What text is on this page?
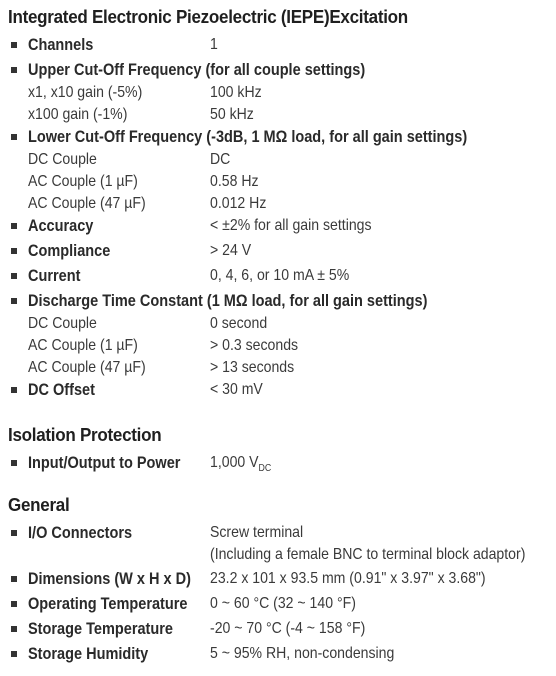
Integrated Electronic Piezoelectric (IEPE)Excitation
Channels	1
Upper Cut-Off Frequency (for all couple settings)
x1, x10 gain (-5%)	100 kHz
x100 gain (-1%)	50 kHz
Lower Cut-Off Frequency (-3dB, 1 MΩ load, for all gain settings)
DC Couple	DC
AC Couple (1 µF)	0.58 Hz
AC Couple (47 µF)	0.012 Hz
Accuracy	< ±2% for all gain settings
Compliance	> 24 V
Current	0, 4, 6, or 10 mA ± 5%
Discharge Time Constant (1 MΩ load, for all gain settings)
DC Couple	0 second
AC Couple (1 µF)	> 0.3 seconds
AC Couple (47 µF)	> 13 seconds
DC Offset	< 30 mV
Isolation Protection
Input/Output to Power 1,000 $V_{DC}$
General
I/O Connectors	Screw terminal
(Including a female BNC to terminal block adaptor)
Dimensions (W x H x D) 23.2 x 101 x 93.5 mm (0.91" x 3.97" x 3.68")
Operating Temperature 0 ~ 60 °C (32 ~ 140 °F)
Storage Temperature -20 ~ 70 °C (-4 ~ 158 °F)
Storage Humidity	5 ~ 95% RH, non-condensing
